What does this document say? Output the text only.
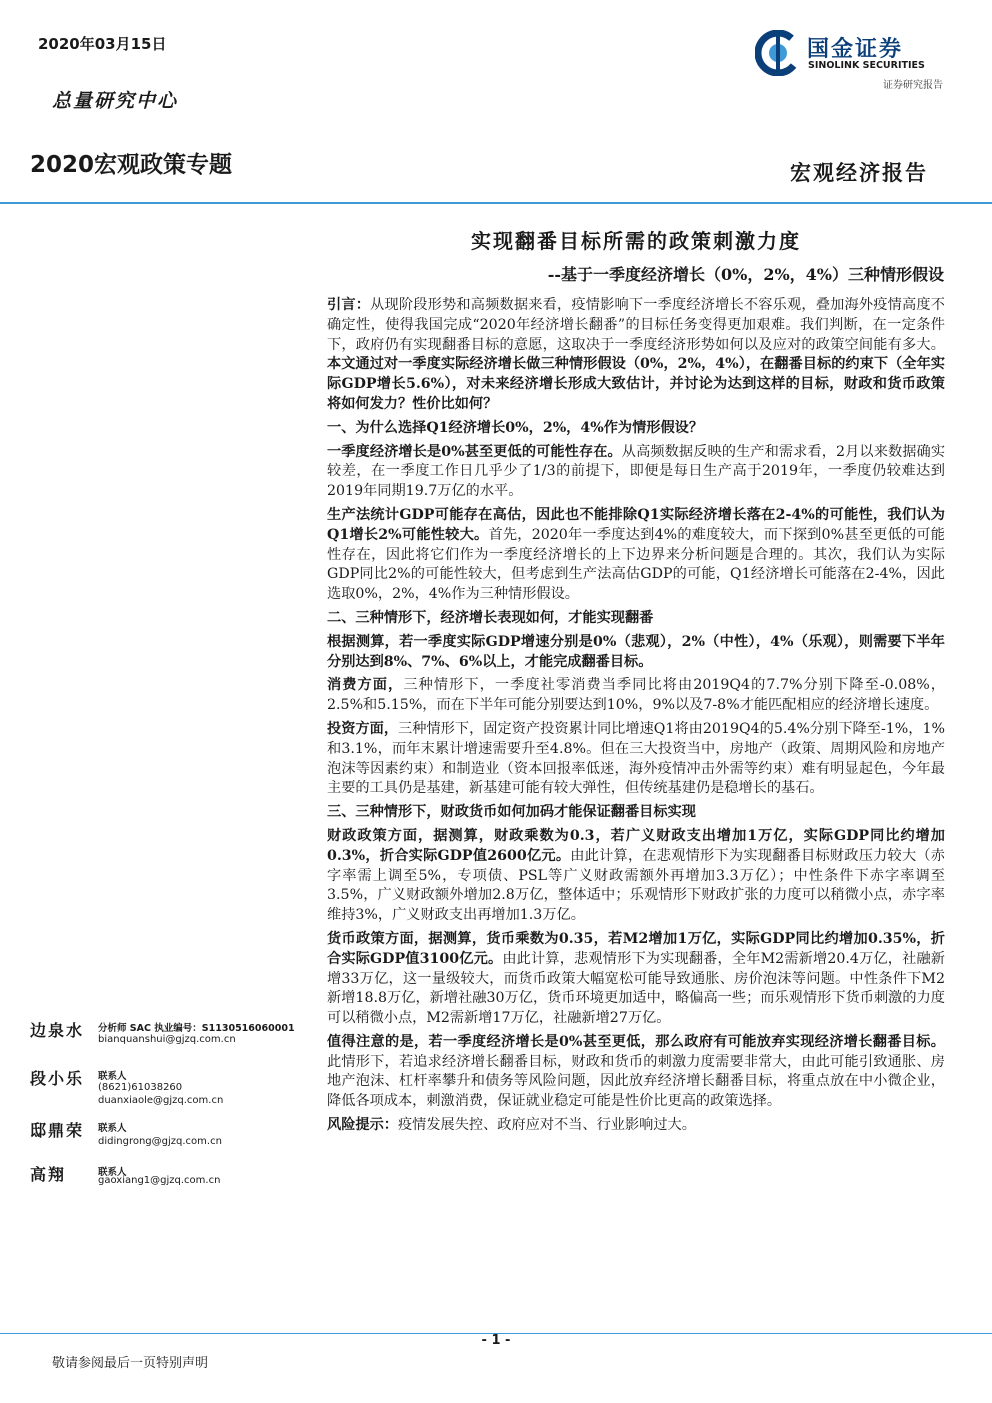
2020年03月15日
总量研究中心
2020宏观政策专题	宏观经济报告
国金证券
SINOLINK SECURITIES
证券研究报告
实现翻番目标所需的政策刺激力度
--基于一季度经济增长（0%，2%，4%）三种情形假设

引言：从现阶段形势和高频数据来看，疫情影响下一季度经济增长不容乐观，叠加海外疫情高度不确定性，使得我国完成“2020年经济增长翻番”的目标任务变得更加艰难。我们判断，在一定条件下，政府仍有实现翻番目标的意愿，这取决于一季度经济形势如何以及应对的政策空间能有多大。本文通过对一季度实际经济增长做三种情形假设（0%，2%，4%），在翻番目标的约束下（全年实际GDP增长5.6%），对未来经济增长形成大致估计，并讨论为达到这样的目标，财政和货币政策将如何发力？性价比如何？

一、为什么选择Q1经济增长0%，2%，4%作为情形假设？

一季度经济增长是0%甚至更低的可能性存在。从高频数据反映的生产和需求看，2月以来数据确实较差，在一季度工作日几乎少了1/3的前提下，即便是每日生产高于2019年，一季度仍较难达到2019年同期19.7万亿的水平。

生产法统计GDP可能存在高估，因此也不能排除Q1实际经济增长落在2-4%的可能性，我们认为Q1增长2%可能性较大。首先，2020年一季度达到4%的难度较大，而下探到0%甚至更低的可能性存在，因此将它们作为一季度经济增长的上下边界来分析问题是合理的。其次，我们认为实际GDP同比2%的可能性较大，但考虑到生产法高估GDP的可能，Q1经济增长可能落在2-4%，因此选取0%，2%，4%作为三种情形假设。

二、三种情形下，经济增长表现如何，才能实现翻番

根据测算，若一季度实际GDP增速分别是0%（悲观），2%（中性），4%（乐观），则需要下半年分别达到8%、7%、6%以上，才能完成翻番目标。

消费方面，三种情形下，一季度社零消费当季同比将由2019Q4的7.7%分别下降至-0.08%，2.5%和5.15%，而在下半年可能分别要达到10%，9%以及7-8%才能匹配相应的经济增长速度。

投资方面，三种情形下，固定资产投资累计同比增速Q1将由2019Q4的5.4%分别下降至-1%，1%和3.1%，而年末累计增速需要升至4.8%。但在三大投资当中，房地产（政策、周期风险和房地产泡沫等因素约束）和制造业（资本回报率低迷，海外疫情冲击外需等约束）难有明显起色，今年最主要的工具仍是基建，新基建可能有较大弹性，但传统基建仍是稳增长的基石。

三、三种情形下，财政货币如何加码才能保证翻番目标实现

财政政策方面，据测算，财政乘数为0.3，若广义财政支出增加1万亿，实际GDP同比约增加0.3%，折合实际GDP值2600亿元。由此计算，在悲观情形下为实现翻番目标财政压力较大（赤字率需上调至5%，专项债、PSL等广义财政需额外再增加3.3万亿）；中性条件下赤字率调至3.5%，广义财政额外增加2.8万亿，整体适中；乐观情形下财政扩张的力度可以稍微小点，赤字率维持3%，广义财政支出再增加1.3万亿。

货币政策方面，据测算，货币乘数为0.35，若M2增加1万亿，实际GDP同比约增加0.35%，折合实际GDP值3100亿元。由此计算，悲观情形下为实现翻番，全年M2需新增20.4万亿，社融新增33万亿，这一量级较大，而货币政策大幅宽松可能导致通胀、房价泡沫等问题。中性条件下M2新增18.8万亿，新增社融30万亿，货币环境更加适中，略偏高一些；而乐观情形下货币刺激的力度可以稍微小点，M2需新增17万亿，社融新增27万亿。

值得注意的是，若一季度经济增长是0%甚至更低，那么政府有可能放弃实现经济增长翻番目标。此情形下，若追求经济增长翻番目标，财政和货币的刺激力度需要非常大，由此可能引致通胀、房地产泡沫、杠杆率攀升和债务等风险问题，因此放弃经济增长翻番目标，将重点放在中小微企业，降低各项成本，刺激消费，保证就业稳定可能是性价比更高的政策选择。

风险提示：疫情发展失控、政府应对不当、行业影响过大。

边泉水 分析师 SAC 执业编号：S1130516060001
bianquanshui@gjzq.com.cn
段小乐 联系人
(8621)61038260
duanxiaole@gjzq.com.cn
邸鼎荣 联系人
didingrong@gjzq.com.cn
高翔	联系人
gaoxiang1@gjzq.com.cn
- 1 -
敬请参阅最后一页特别声明
